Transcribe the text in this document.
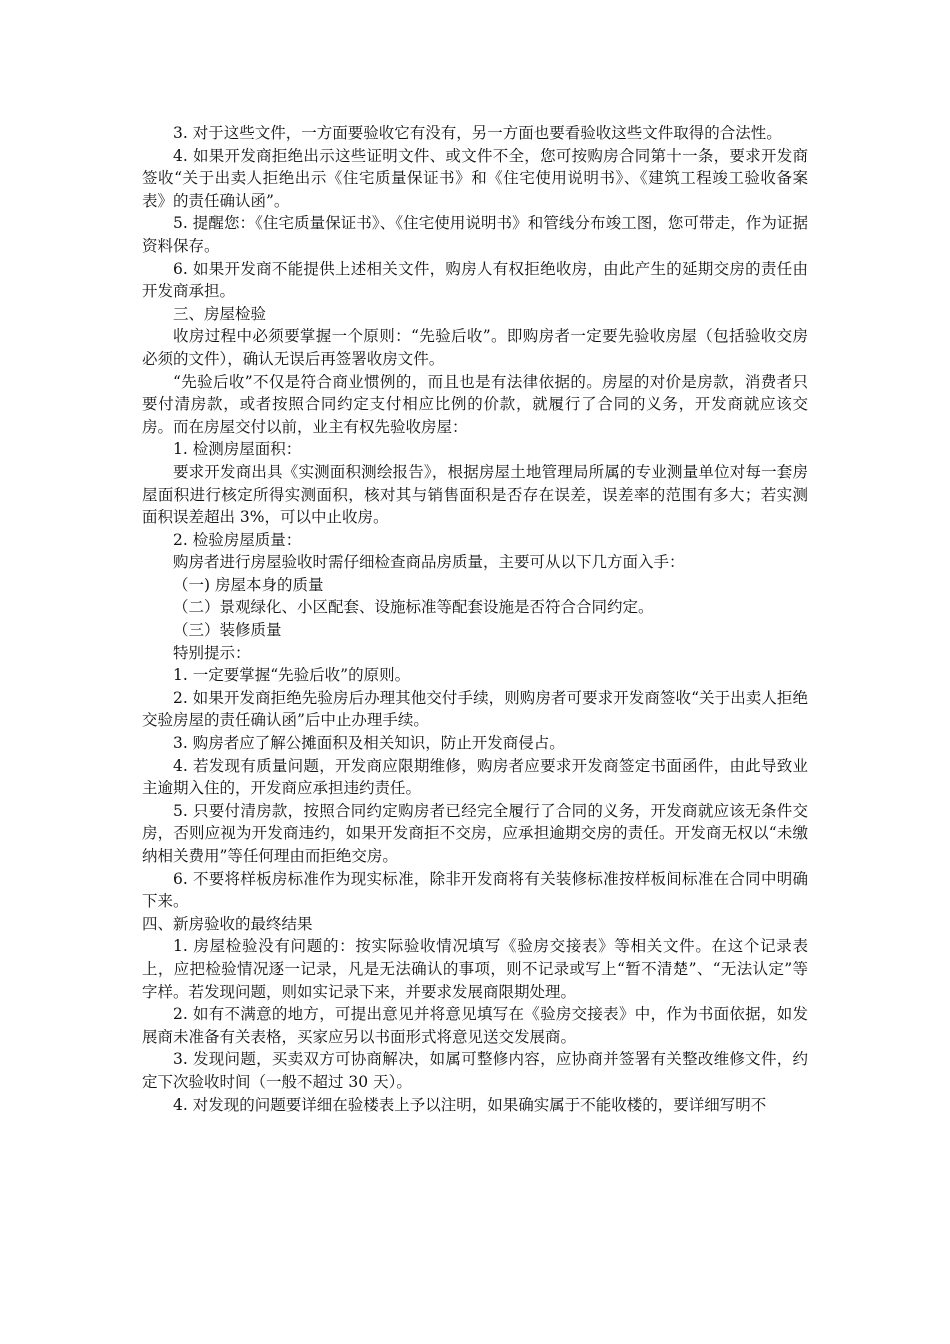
3. 对于这些文件，一方面要验收它有没有，另一方面也要看验收这些文件取得的合法性。

4. 如果开发商拒绝出示这些证明文件、或文件不全，您可按购房合同第十一条，要求开发商签收“关于出卖人拒绝出示《住宅质量保证书》和《住宅使用说明书》、《建筑工程竣工验收备案表》的责任确认函”。

5. 提醒您：《住宅质量保证书》、《住宅使用说明书》和管线分布竣工图，您可带走，作为证据资料保存。

6. 如果开发商不能提供上述相关文件，购房人有权拒绝收房，由此产生的延期交房的责任由开发商承担。

三、房屋检验

收房过程中必须要掌握一个原则：“先验后收”。即购房者一定要先验收房屋（包括验收交房必须的文件），确认无误后再签署收房文件。

“先验后收”不仅是符合商业惯例的，而且也是有法律依据的。房屋的对价是房款，消费者只要付清房款，或者按照合同约定支付相应比例的价款，就履行了合同的义务，开发商就应该交房。而在房屋交付以前，业主有权先验收房屋：

1. 检测房屋面积：

要求开发商出具《实测面积测绘报告》，根据房屋土地管理局所属的专业测量单位对每一套房屋面积进行核定所得实测面积，核对其与销售面积是否存在误差，误差率的范围有多大；若实测面积误差超出 3%，可以中止收房。

2. 检验房屋质量：

购房者进行房屋验收时需仔细检查商品房质量，主要可从以下几方面入手：

（一) 房屋本身的质量

（二）景观绿化、小区配套、设施标准等配套设施是否符合合同约定。

（三）装修质量

特别提示：

1. 一定要掌握“先验后收”的原则。

2. 如果开发商拒绝先验房后办理其他交付手续，则购房者可要求开发商签收“关于出卖人拒绝交验房屋的责任确认函”后中止办理手续。

3. 购房者应了解公摊面积及相关知识，防止开发商侵占。

4. 若发现有质量问题，开发商应限期维修，购房者应要求开发商签定书面函件，由此导致业主逾期入住的，开发商应承担违约责任。

5. 只要付清房款，按照合同约定购房者已经完全履行了合同的义务，开发商就应该无条件交房，否则应视为开发商违约，如果开发商拒不交房，应承担逾期交房的责任。开发商无权以“未缴纳相关费用”等任何理由而拒绝交房。

6. 不要将样板房标准作为现实标准，除非开发商将有关装修标准按样板间标准在合同中明确下来。

四、新房验收的最终结果

1. 房屋检验没有问题的：按实际验收情况填写《验房交接表》等相关文件。在这个记录表上，应把检验情况逐一记录，凡是无法确认的事项，则不记录或写上“暂不清楚”、“无法认定”等字样。若发现问题，则如实记录下来，并要求发展商限期处理。

2. 如有不满意的地方，可提出意见并将意见填写在《验房交接表》中，作为书面依据，如发展商未准备有关表格，买家应另以书面形式将意见送交发展商。

3. 发现问题，买卖双方可协商解决，如属可整修内容，应协商并签署有关整改维修文件，约定下次验收时间（一般不超过 30 天）。

4. 对发现的问题要详细在验楼表上予以注明，如果确实属于不能收楼的，要详细写明不
